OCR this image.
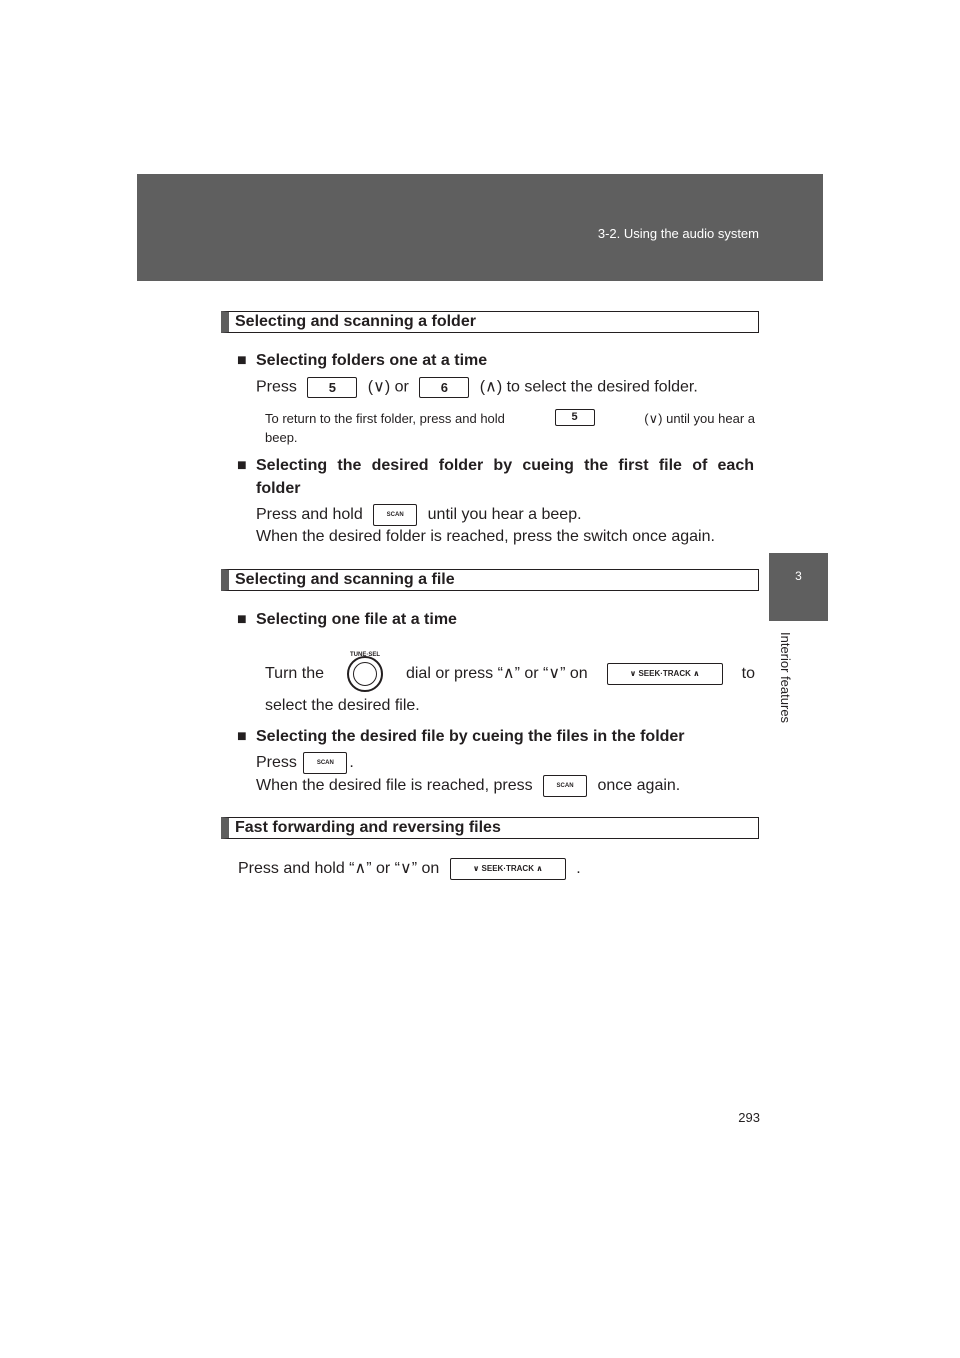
3-2. Using the audio system
3
Interior features
Selecting and scanning a folder
■ Selecting folders one at a time
Press 5 (∨) or 6 (∧) to select the desired folder.
To return to the first folder, press and hold	5	(∨) until you hear a
beep.
■ Selecting the desired folder by cueing the first file of each
folder
Press and hold	SCAN until you hear a beep.
When the desired folder is reached, press the switch once again.
Selecting and scanning a file
■ Selecting one file at a time
Turn the
TUNE·SEL
dial or press “∧” or “∨” on	∨ SEEK·TRACK ∧	to
select the desired file.
■ Selecting the desired file by cueing the files in the folder
Press	SCAN .
When the desired file is reached, press	SCAN once again.
Fast forwarding and reversing files
Press and hold “∧” or “∨” on	∨ SEEK·TRACK ∧ .
293
